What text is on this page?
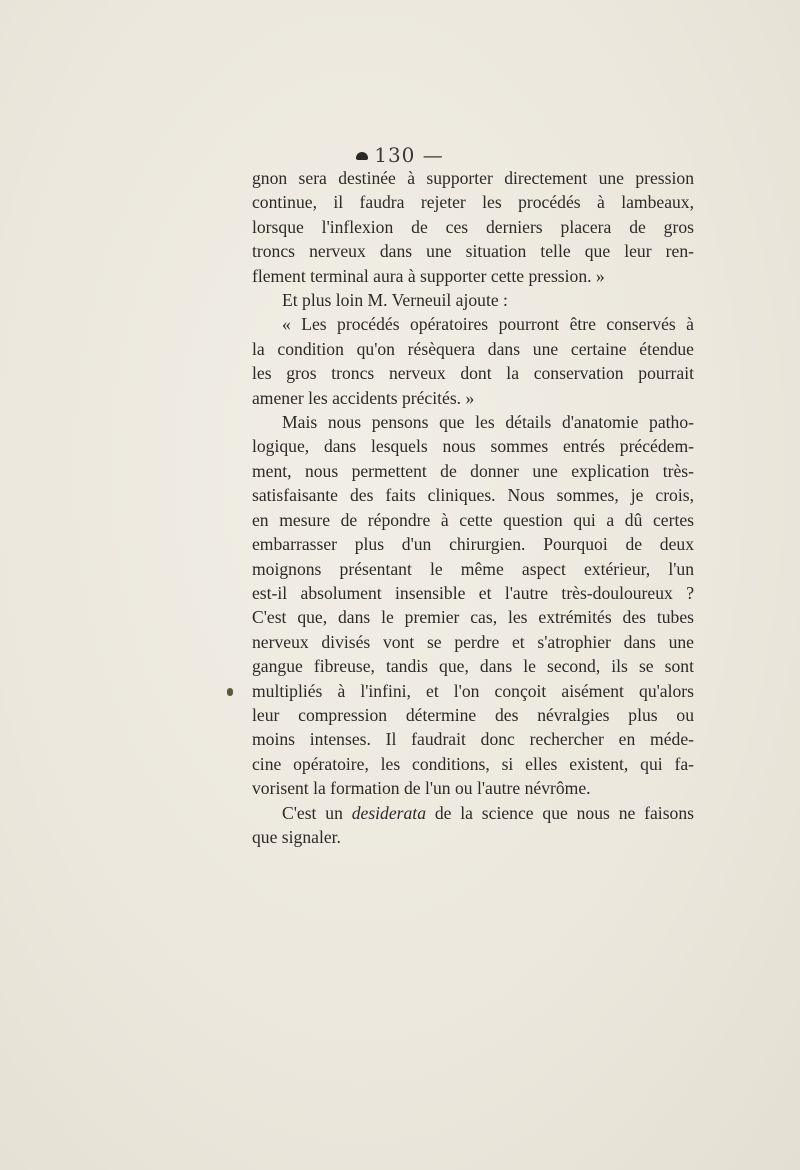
130 —
gnon sera destinée à supporter directement une pression
continue, il faudra rejeter les procédés à lambeaux,
lorsque l'inflexion de ces derniers placera de gros
troncs nerveux dans une situation telle que leur ren-
flement terminal aura à supporter cette pression. »
Et plus loin M. Verneuil ajoute :
« Les procédés opératoires pourront être conservés à
la condition qu'on résèquera dans une certaine étendue
les gros troncs nerveux dont la conservation pourrait
amener les accidents précités. »
Mais nous pensons que les détails d'anatomie patho-
logique, dans lesquels nous sommes entrés précédem-
ment, nous permettent de donner une explication très-
satisfaisante des faits cliniques. Nous sommes, je crois,
en mesure de répondre à cette question qui a dû certes
embarrasser plus d'un chirurgien. Pourquoi de deux
moignons présentant le même aspect extérieur, l'un
est-il absolument insensible et l'autre très-douloureux ?
C'est que, dans le premier cas, les extrémités des tubes
nerveux divisés vont se perdre et s'atrophier dans une
gangue fibreuse, tandis que, dans le second, ils se sont
multipliés à l'infini, et l'on conçoit aisément qu'alors
leur compression détermine des névralgies plus ou
moins intenses. Il faudrait donc rechercher en méde-
cine opératoire, les conditions, si elles existent, qui fa-
vorisent la formation de l'un ou l'autre névrôme.
C'est un desiderata de la science que nous ne faisons
que signaler.
